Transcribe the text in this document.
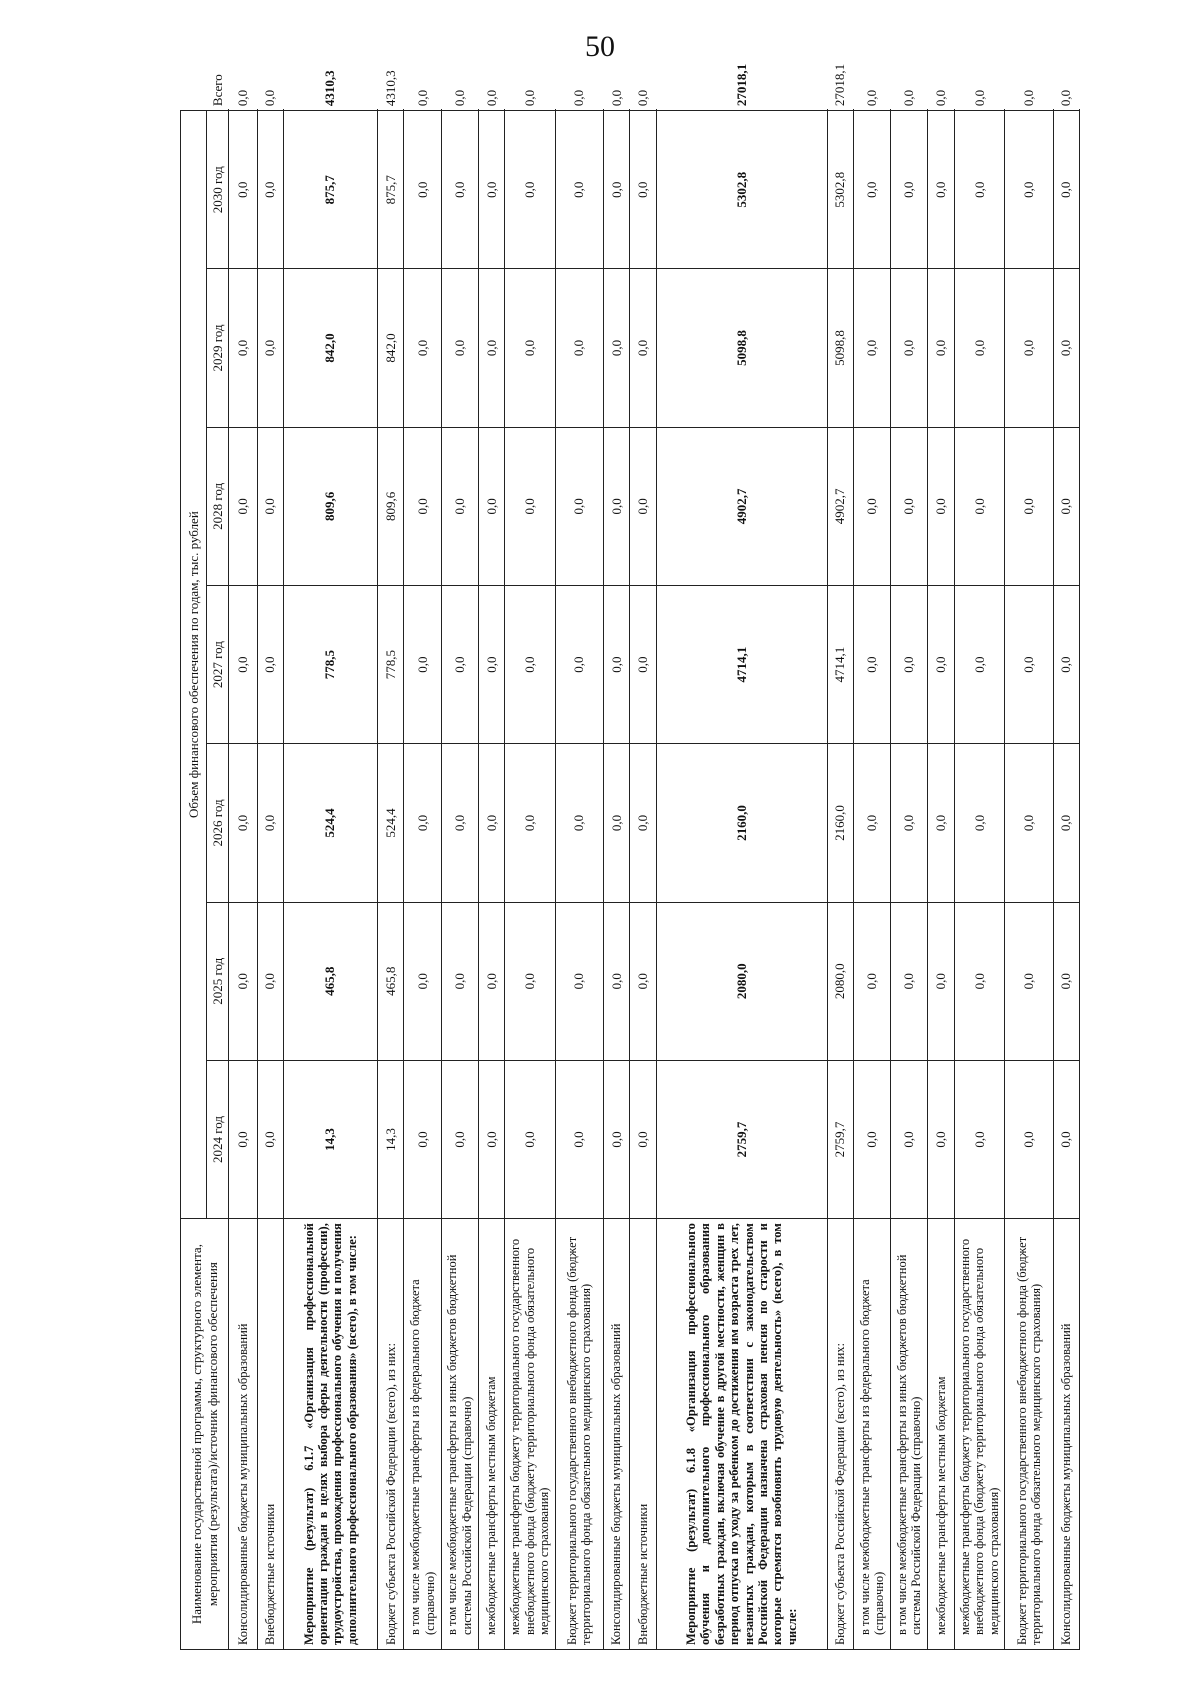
50
Наименование государственной программы, структурного элемента, мероприятия (результата)/источник финансового обеспечения	Объем финансового обеспечения по годам, тыс. рублей							
	2024 год	2025 год	2026 год	2027 год	2028 год	2029 год	2030 год	Всего
Консолидированные бюджеты муниципальных образований	0,0	0,0	0,0	0,0	0,0	0,0	0,0	0,0
Внебюджетные источники	0,0	0,0	0,0	0,0	0,0	0,0	0,0	0,0
Мероприятие (результат) 6.1.7 «Организация профессиональной ориентации граждан в целях выбора сферы деятельности (профессии), трудоустройства, прохождения профессионального обучения и получения дополнительного профессионального образования» (всего), в том числе:	14,3	465,8	524,4	778,5	809,6	842,0	875,7	4310,3
Бюджет субъекта Российской Федерации (всего), из них:	14,3	465,8	524,4	778,5	809,6	842,0	875,7	4310,3
в том числе межбюджетные трансферты из федерального бюджета (справочно)	0,0	0,0	0,0	0,0	0,0	0,0	0,0	0,0
в том числе межбюджетные трансферты из иных бюджетов бюджетной системы Российской Федерации (справочно)	0,0	0,0	0,0	0,0	0,0	0,0	0,0	0,0
межбюджетные трансферты местным бюджетам	0,0	0,0	0,0	0,0	0,0	0,0	0,0	0,0
межбюджетные трансферты бюджету территориального государственного внебюджетного фонда (бюджету территориального фонда обязательного медицинского страхования)	0,0	0,0	0,0	0,0	0,0	0,0	0,0	0,0
Бюджет территориального государственного внебюджетного фонда (бюджет территориального фонда обязательного медицинского страхования)	0,0	0,0	0,0	0,0	0,0	0,0	0,0	0,0
Консолидированные бюджеты муниципальных образований	0,0	0,0	0,0	0,0	0,0	0,0	0,0	0,0
Внебюджетные источники	0,0	0,0	0,0	0,0	0,0	0,0	0,0	0,0
Мероприятие (результат) 6.1.8 «Организация профессионального обучения и дополнительного профессионального образования безработных граждан, включая обучение в другой местности, женщин в период отпуска по уходу за ребенком до достижения им возраста трех лет, незанятых граждан, которым в соответствии с законодательством Российской Федерации назначена страховая пенсия по старости и которые стремятся возобновить трудовую деятельность» (всего), в том числе:	2759,7	2080,0	2160,0	4714,1	4902,7	5098,8	5302,8	27018,1
Бюджет субъекта Российской Федерации (всего), из них:	2759,7	2080,0	2160,0	4714,1	4902,7	5098,8	5302,8	27018,1
в том числе межбюджетные трансферты из федерального бюджета (справочно)	0,0	0,0	0,0	0,0	0,0	0,0	0,0	0,0
в том числе межбюджетные трансферты из иных бюджетов бюджетной системы Российской Федерации (справочно)	0,0	0,0	0,0	0,0	0,0	0,0	0,0	0,0
межбюджетные трансферты местным бюджетам	0,0	0,0	0,0	0,0	0,0	0,0	0,0	0,0
межбюджетные трансферты бюджету территориального государственного внебюджетного фонда (бюджету территориального фонда обязательного медицинского страхования)	0,0	0,0	0,0	0,0	0,0	0,0	0,0	0,0
Бюджет территориального государственного внебюджетного фонда (бюджет территориального фонда обязательного медицинского страхования)	0,0	0,0	0,0	0,0	0,0	0,0	0,0	0,0
Консолидированные бюджеты муниципальных образований	0,0	0,0	0,0	0,0	0,0	0,0	0,0	0,0
